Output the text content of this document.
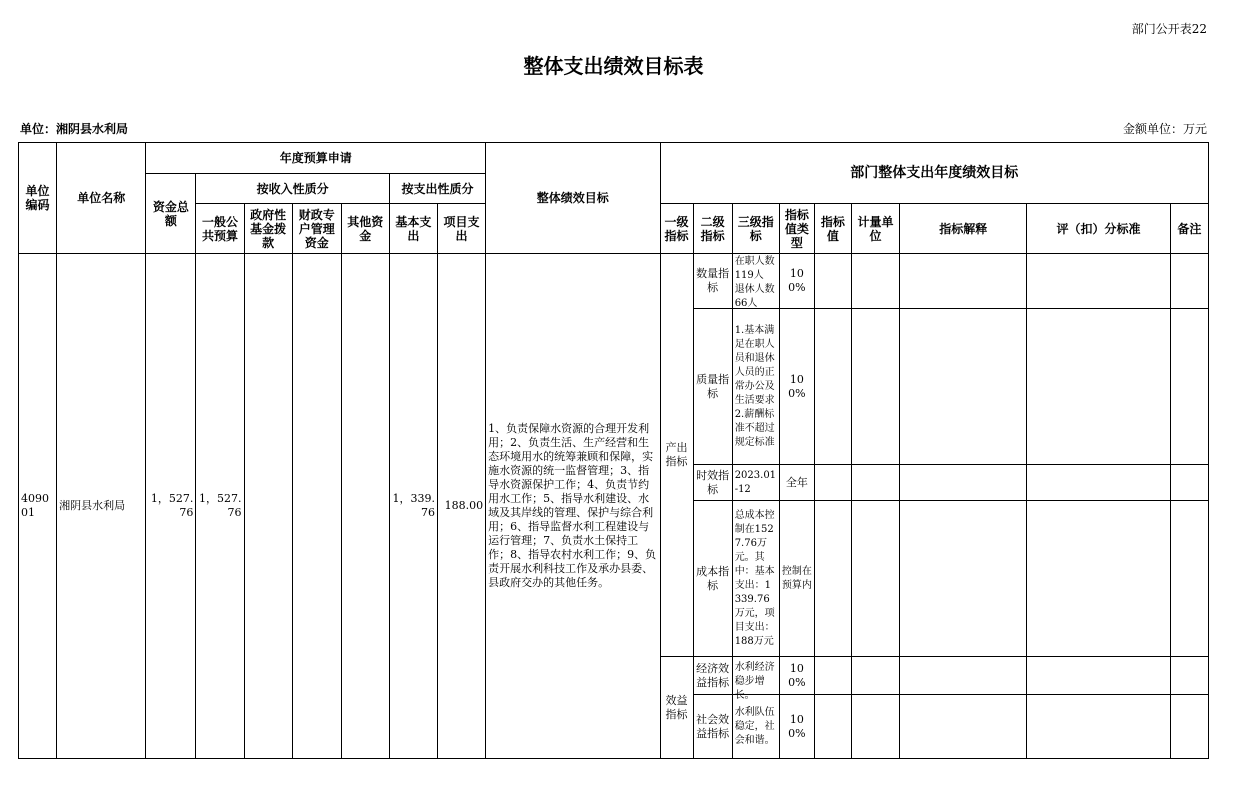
部门公开表22
整体支出绩效目标表
单位：湘阴县水利局	金额单位：万元
单位编码	单位名称	年度预算申请							整体绩效目标	部门整体支出年度绩效目标								
		资金总额	按收入性质分				按支出性质分											
			一般公共预算	政府性基金拨款	财政专户管理资金	其他资金	基本支出	项目支出		一级指标	二级指标	三级指标	指标值类型	指标值	计量单位	指标解释	评（扣）分标准	备注
409001	湘阴县水利局	1，527.76	1，527.76				1，339.76	188.00	1、负责保障水资源的合理开发利用；2、负责生活、生产经营和生态环境用水的统筹兼顾和保障，实施水资源的统一监督管理；3、指导水资源保护工作；4、负责节约用水工作；5、指导水利建设、水域及其岸线的管理、保护与综合利用；6、指导监督水利工程建设与运行管理；7、负责水土保持工作；8、指导农村水利工作；9、负责开展水利科技工作及承办县委、县政府交办的其他任务。	产出指标	数量指标	在职人数119人 退休人数66人	100%					
											质量指标	1.基本满足在职人员和退休人员的正常办公及生活要求 2.薪酬标准不超过规定标准	100%					
											时效指标	2023.01-12	全年					
											成本指标	总成本控制在1527.76万元。其中：基本支出：1339.76万元，项目支出：188万元	控制在预算内					
										效益指标	经济效益指标	水利经济稳步增长。	100%					
											社会效益指标	水利队伍稳定，社会和谐。	100%					
